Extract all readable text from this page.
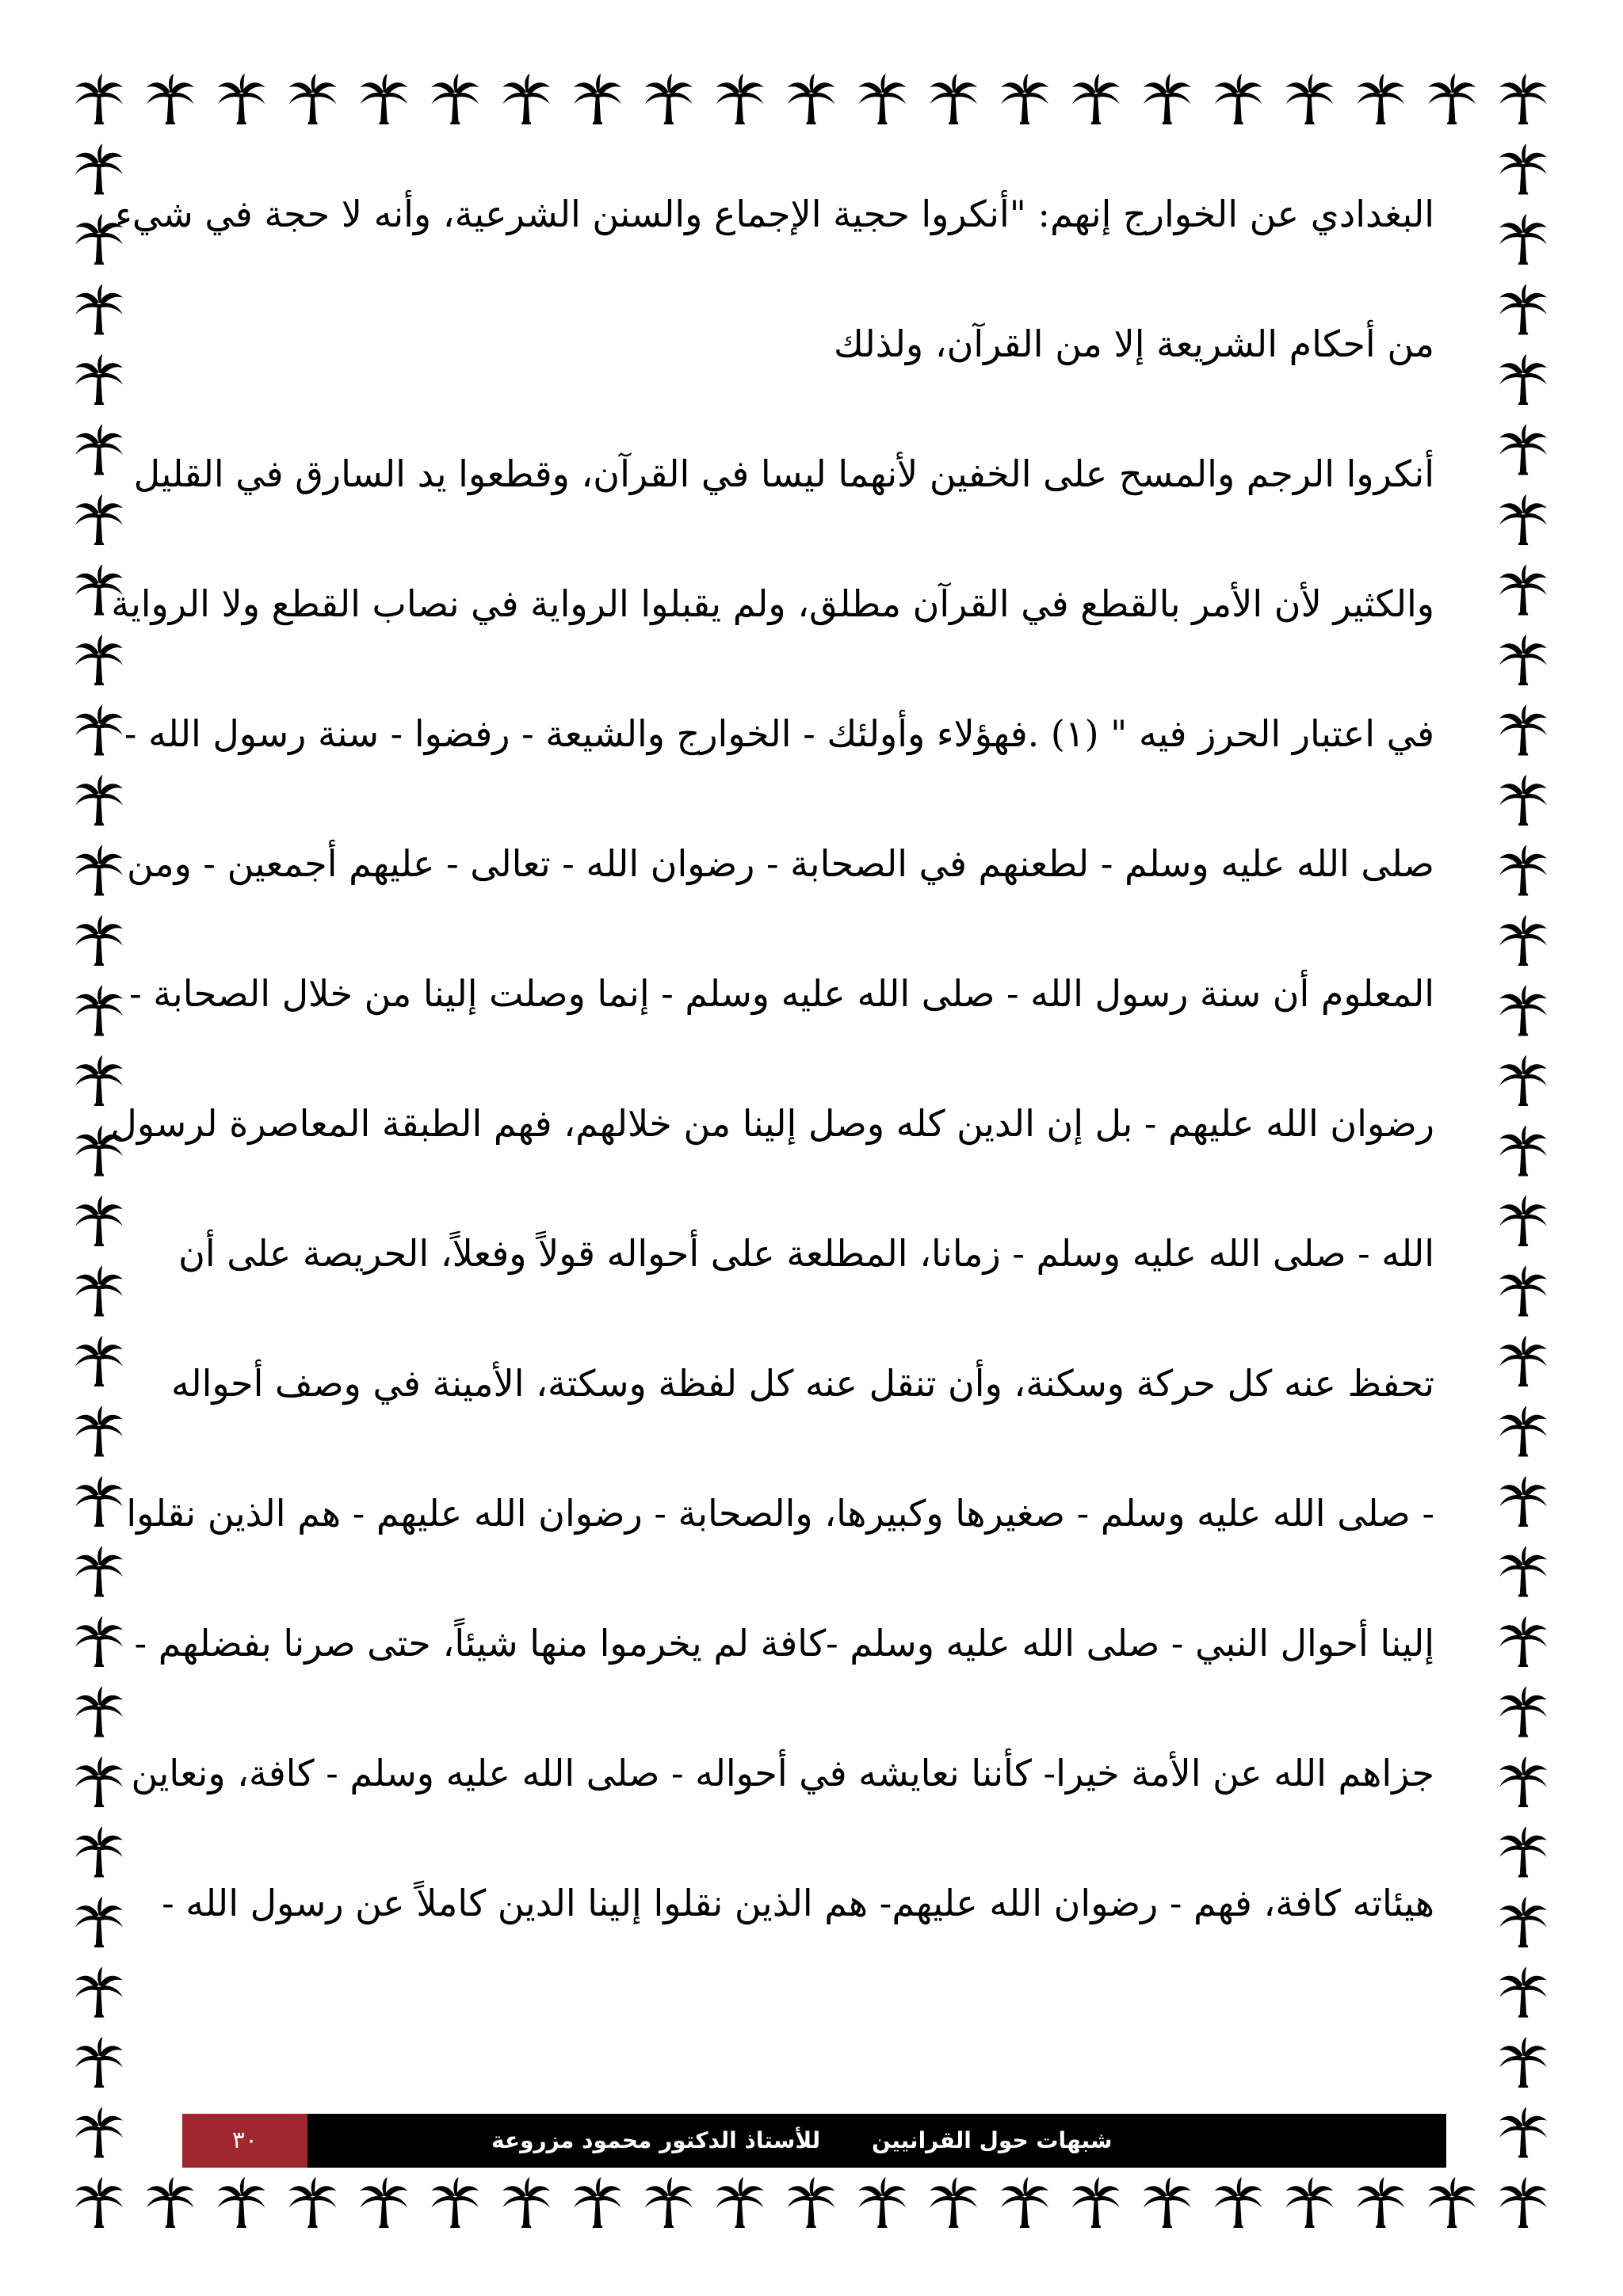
البغدادي عن الخوارج إنهم: "أنكروا حجية الإجماع والسنن الشرعية، وأنه لا حجة في شيء
من أحكام الشريعة إلا من القرآن، ولذلك
أنكروا الرجم والمسح على الخفين لأنهما ليسا في القرآن، وقطعوا يد السارق في القليل
والكثير لأن الأمر بالقطع في القرآن مطلق، ولم يقبلوا الرواية في نصاب القطع ولا الرواية
في اعتبار الحرز فيه " (١) .فهؤلاء وأولئك - الخوارج والشيعة - رفضوا - سنة رسول الله -
صلى الله عليه وسلم - لطعنهم في الصحابة - رضوان الله - تعالى - عليهم أجمعين - ومن
المعلوم أن سنة رسول الله - صلى الله عليه وسلم - إنما وصلت إلينا من خلال الصحابة -
رضوان الله عليهم - بل إن الدين كله وصل إلينا من خلالهم، فهم الطبقة المعاصرة لرسول
الله - صلى الله عليه وسلم - زمانا، المطلعة على أحواله قولاً وفعلاً، الحريصة على أن
تحفظ عنه كل حركة وسكنة، وأن تنقل عنه كل لفظة وسكتة، الأمينة في وصف أحواله
- صلى الله عليه وسلم - صغيرها وكبيرها، والصحابة - رضوان الله عليهم - هم الذين نقلوا
إلينا أحوال النبي - صلى الله عليه وسلم -كافة لم يخرموا منها شيئاً، حتى صرنا بفضلهم -
جزاهم الله عن الأمة خيرا- كأننا نعايشه في أحواله - صلى الله عليه وسلم - كافة، ونعاين
هيئاته كافة، فهم - رضوان الله عليهم- هم الذين نقلوا إلينا الدين كاملاً عن رسول الله -
٣٠	للأستاذ الدكتور محمود مزروعة شبهات حول القرانيين
